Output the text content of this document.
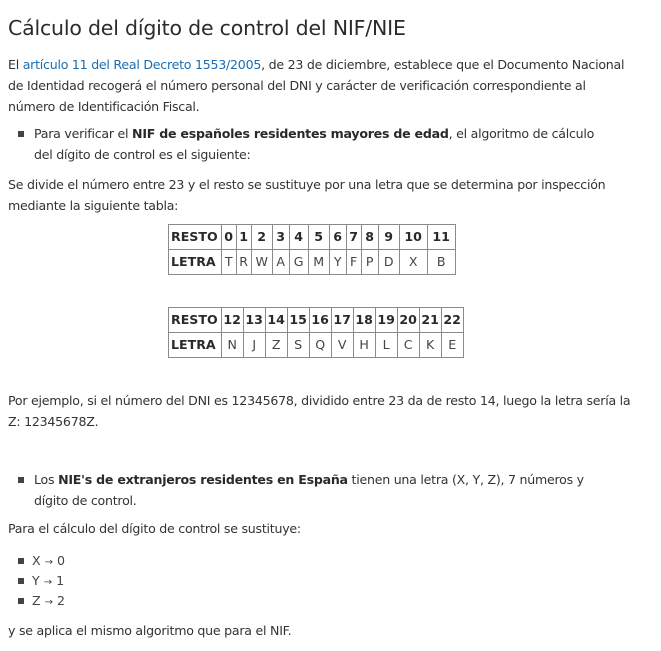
Cálculo del dígito de control del NIF/NIE

El artículo 11 del Real Decreto 1553/2005, de 23 de diciembre, establece que el Documento Nacional
de Identidad recogerá el número personal del DNI y carácter de verificación correspondiente al
número de Identificación Fiscal.

Para verificar el NIF de españoles residentes mayores de edad, el algoritmo de cálculo del dígito de control es el siguiente:

Se divide el número entre 23 y el resto se sustituye por una letra que se determina por inspección mediante la siguiente tabla:

RESTO	0	1	2	3	4	5	6	7	8	9	10	11
LETRA	T	R	W	A	G	M	Y	F	P	D	X	B
RESTO	12	13	14	15	16	17	18	19	20	21	22
LETRA	N	J	Z	S	Q	V	H	L	C	K	E

Por ejemplo, si el número del DNI es 12345678, dividido entre 23 da de resto 14, luego la letra sería la Z: 12345678Z.

Los NIE's de extranjeros residentes en España tienen una letra (X, Y, Z), 7 números y dígito de control.

Para el cálculo del dígito de control se sustituye:

X → 0
Y → 1
Z → 2

y se aplica el mismo algoritmo que para el NIF.
